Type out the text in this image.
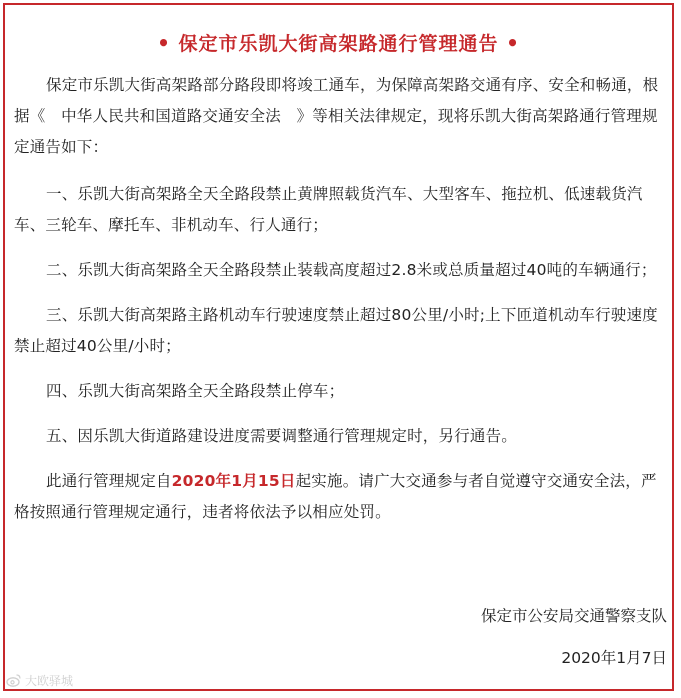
• 保定市乐凯大街高架路通行管理通告 •

保定市乐凯大街高架路部分路段即将竣工通车，为保障高架路交通有序、安全和畅通，根据《　中华人民共和国道路交通安全法　》等相关法律规定，现将乐凯大街高架路通行管理规定通告如下：

一、乐凯大街高架路全天全路段禁止黄牌照载货汽车、大型客车、拖拉机、低速载货汽车、三轮车、摩托车、非机动车、行人通行；

二、乐凯大街高架路全天全路段禁止装载高度超过2.8米或总质量超过40吨的车辆通行；

三、乐凯大街高架路主路机动车行驶速度禁止超过80公里/小时;上下匝道机动车行驶速度禁止超过40公里/小时；

四、乐凯大街高架路全天全路段禁止停车；

五、因乐凯大街道路建设进度需要调整通行管理规定时，另行通告。

此通行管理规定自2020年1月15日起实施。请广大交通参与者自觉遵守交通安全法，严格按照通行管理规定通行，违者将依法予以相应处罚。

保定市公安局交通警察支队
2020年1月7日
大欧驿城
